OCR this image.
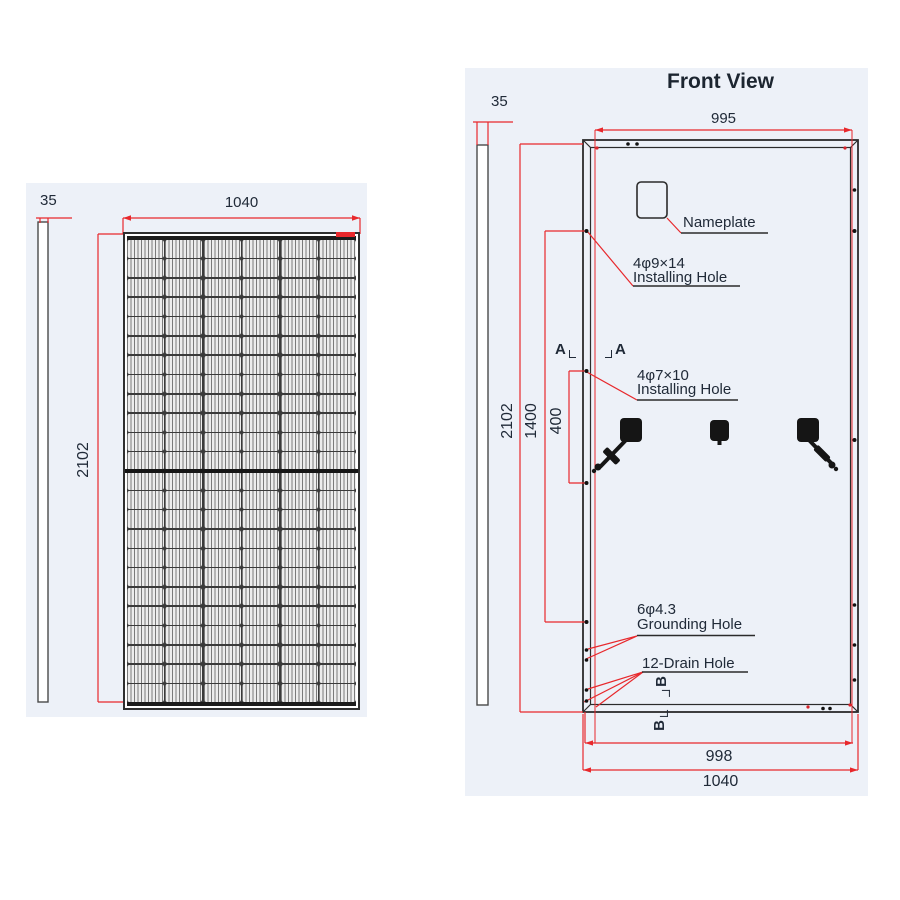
35	1040
2102
Front View
35
995
2102 1400 400
Nameplate
4φ9×14
Installing Hole
A	A
4φ7×10
Installing Hole
6φ4.3
Grounding Hole
12-Drain Hole
B
B
998
1040
